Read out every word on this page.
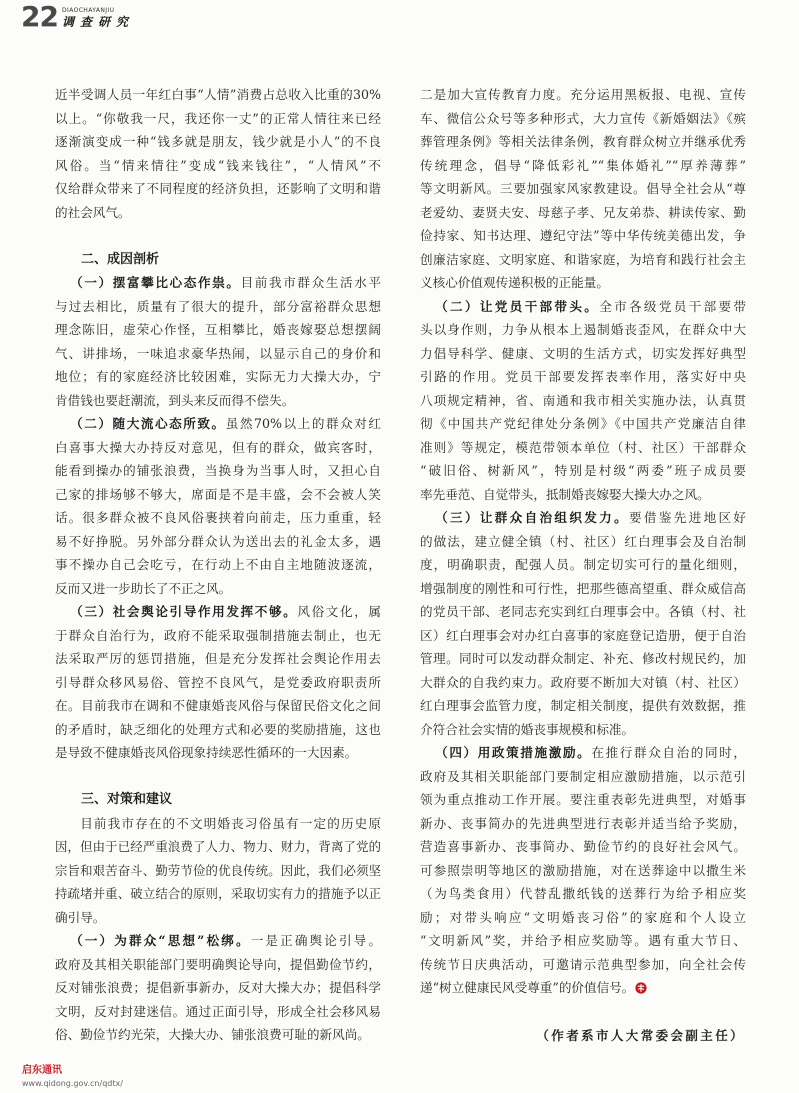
22 DIAOCHAYANJIU
调查研究
近半受调人员一年红白事“人情”消费占总收入比重的30%
以上。“你敬我一尺，我还你一丈”的正常人情往来已经
逐渐演变成一种“钱多就是朋友，钱少就是小人”的不良
风俗。当“情来情往”变成“钱来钱往”，“人情风”不
仅给群众带来了不同程度的经济负担，还影响了文明和谐
的社会风气。
二、成因剖析
（一）摆富攀比心态作祟。目前我市群众生活水平
与过去相比，质量有了很大的提升，部分富裕群众思想
理念陈旧，虚荣心作怪，互相攀比，婚丧嫁娶总想摆阔
气、讲排场，一味追求豪华热闹，以显示自己的身价和
地位；有的家庭经济比较困难，实际无力大操大办，宁
肯借钱也要赶潮流，到头来反而得不偿失。
（二）随大流心态所致。虽然70%以上的群众对红
白喜事大操大办持反对意见，但有的群众，做宾客时，
能看到操办的铺张浪费，当换身为当事人时，又担心自
己家的排场够不够大，席面是不是丰盛，会不会被人笑
话。很多群众被不良风俗裹挟着向前走，压力重重，轻
易不好挣脱。另外部分群众认为送出去的礼金太多，遇
事不操办自己会吃亏，在行动上不由自主地随波逐流，
反而又进一步助长了不正之风。
（三）社会舆论引导作用发挥不够。风俗文化，属
于群众自治行为，政府不能采取强制措施去制止，也无
法采取严厉的惩罚措施，但是充分发挥社会舆论作用去
引导群众移风易俗、管控不良风气，是党委政府职责所
在。目前我市在调和不健康婚丧风俗与保留民俗文化之间
的矛盾时，缺乏细化的处理方式和必要的奖励措施，这也
是导致不健康婚丧风俗现象持续恶性循环的一大因素。
三、对策和建议
目前我市存在的不文明婚丧习俗虽有一定的历史原
因，但由于已经严重浪费了人力、物力、财力，背离了党的
宗旨和艰苦奋斗、勤劳节俭的优良传统。因此，我们必须坚
持疏堵并重、破立结合的原则，采取切实有力的措施予以正
确引导。
（一）为群众“思想”松绑。一是正确舆论引导。
政府及其相关职能部门要明确舆论导向，提倡勤俭节约，
反对铺张浪费；提倡新事新办，反对大操大办；提倡科学
文明，反对封建迷信。通过正面引导，形成全社会移风易
俗、勤俭节约光荣，大操大办、铺张浪费可耻的新风尚。
二是加大宣传教育力度。充分运用黑板报、电视、宣传
车、微信公众号等多种形式，大力宣传《新婚姻法》《殡
葬管理条例》等相关法律条例，教育群众树立并继承优秀
传统理念，倡导“降低彩礼”“集体婚礼”“厚养薄葬”
等文明新风。三要加强家风家教建设。倡导全社会从“尊
老爱幼、妻贤夫安、母慈子孝、兄友弟恭、耕读传家、勤
俭持家、知书达理、遵纪守法”等中华传统美德出发，争
创廉洁家庭、文明家庭、和谐家庭，为培育和践行社会主
义核心价值观传递积极的正能量。
（二）让党员干部带头。全市各级党员干部要带
头以身作则，力争从根本上遏制婚丧歪风，在群众中大
力倡导科学、健康、文明的生活方式，切实发挥好典型
引路的作用。党员干部要发挥表率作用，落实好中央
八项规定精神，省、南通和我市相关实施办法，认真贯
彻《中国共产党纪律处分条例》《中国共产党廉洁自律
准则》等规定，模范带领本单位（村、社区）干部群众
“破旧俗、树新风”，特别是村级“两委”班子成员要
率先垂范、自觉带头，抵制婚丧嫁娶大操大办之风。
（三）让群众自治组织发力。要借鉴先进地区好
的做法，建立健全镇（村、社区）红白理事会及自治制
度，明确职责，配强人员。制定切实可行的量化细则，
增强制度的刚性和可行性，把那些德高望重、群众威信高
的党员干部、老同志充实到红白理事会中。各镇（村、社
区）红白理事会对办红白喜事的家庭登记造册，便于自治
管理。同时可以发动群众制定、补充、修改村规民约，加
大群众的自我约束力。政府要不断加大对镇（村、社区）
红白理事会监管力度，制定相关制度，提供有效数据，推
介符合社会实情的婚丧事规模和标准。
（四）用政策措施激励。在推行群众自治的同时，
政府及其相关职能部门要制定相应激励措施，以示范引
领为重点推动工作开展。要注重表彰先进典型，对婚事
新办、丧事简办的先进典型进行表彰并适当给予奖励，
营造喜事新办、丧事简办、勤俭节约的良好社会风气。
可参照崇明等地区的激励措施，对在送葬途中以撒生米
（为鸟类食用）代替乱撒纸钱的送葬行为给予相应奖
励；对带头响应“文明婚丧习俗”的家庭和个人设立
“文明新风”奖，并给予相应奖励等。遇有重大节日、
传统节日庆典活动，可邀请示范典型参加，向全社会传
递“树立健康民风受尊重”的价值信号。
（作者系市人大常委会副主任）
启东通讯
www.qidong.gov.cn/qdtx/
